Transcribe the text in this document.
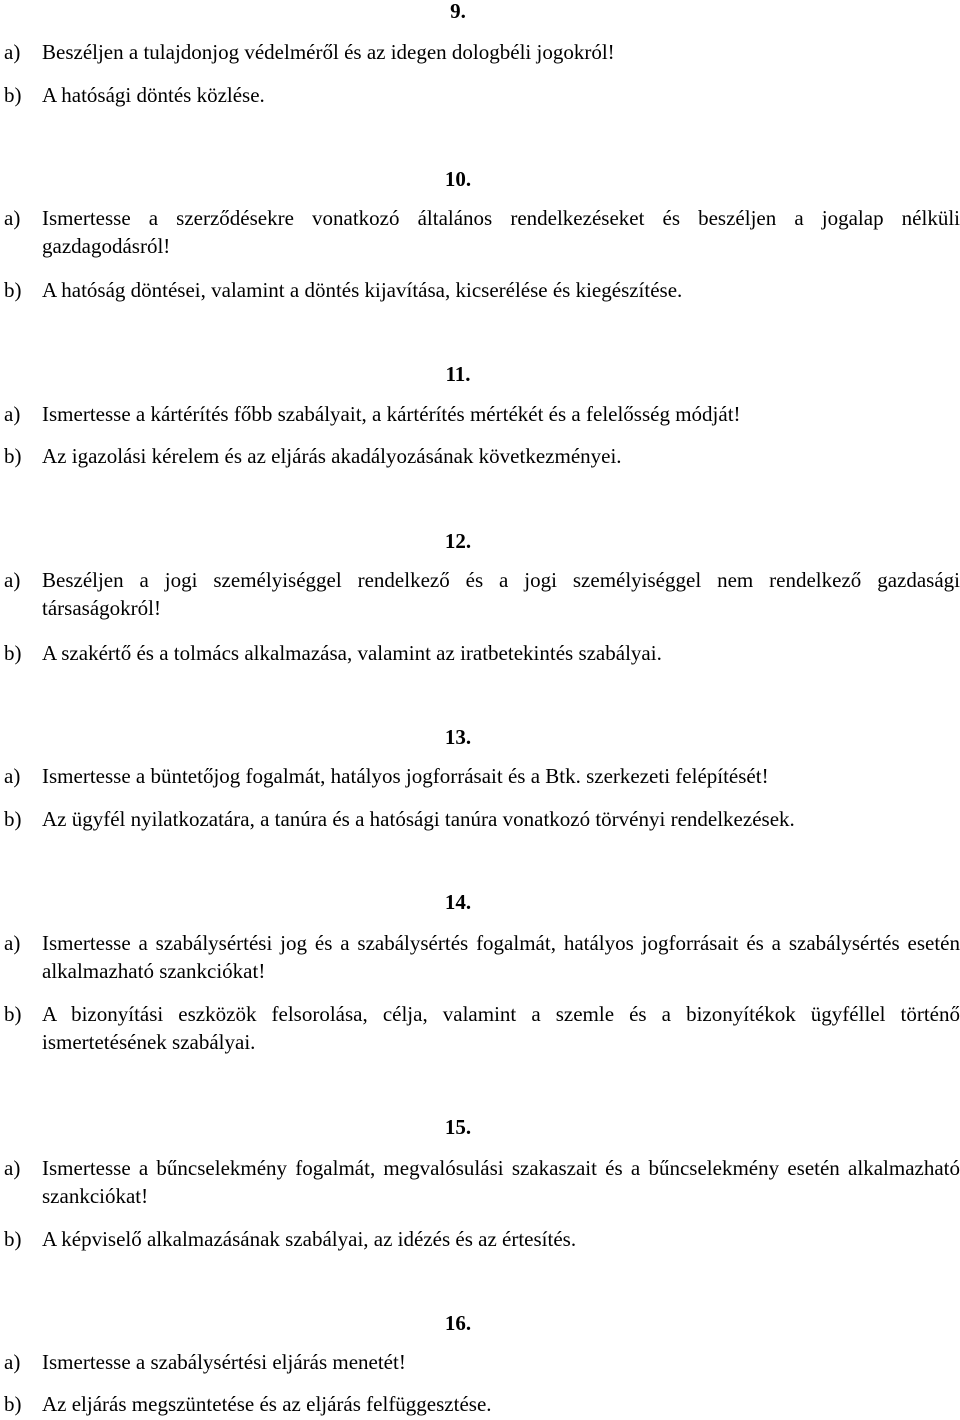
9.
a)	Beszéljen a tulajdonjog védelméről és az idegen dologbéli jogokról!
b) A hatósági döntés közlése.
10.
a)	Ismertesse a szerződésekre vonatkozó általános rendelkezéseket és beszéljen a jogalap nélküli gazdagodásról!
b) A hatóság döntései, valamint a döntés kijavítása, kicserélése és kiegészítése.
11.
a)	Ismertesse a kártérítés főbb szabályait, a kártérítés mértékét és a felelősség módját!
b) Az igazolási kérelem és az eljárás akadályozásának következményei.
12.
a)	Beszéljen a jogi személyiséggel rendelkező és a jogi személyiséggel nem rendelkező gazdasági társaságokról!
b) A szakértő és a tolmács alkalmazása, valamint az iratbetekintés szabályai.
13.
a)	Ismertesse a büntetőjog fogalmát, hatályos jogforrásait és a Btk. szerkezeti felépítését!
b) Az ügyfél nyilatkozatára, a tanúra és a hatósági tanúra vonatkozó törvényi rendelkezések.
14.
a)	Ismertesse a szabálysértési jog és a szabálysértés fogalmát, hatályos jogforrásait és a szabálysértés esetén alkalmazható szankciókat!
b) A bizonyítási eszközök felsorolása, célja, valamint a szemle és a bizonyítékok ügyféllel történő ismertetésének szabályai.
15.
a)	Ismertesse a bűncselekmény fogalmát, megvalósulási szakaszait és a bűncselekmény esetén alkalmazható szankciókat!
b) A képviselő alkalmazásának szabályai, az idézés és az értesítés.
16.
a)	Ismertesse a szabálysértési eljárás menetét!
b) Az eljárás megszüntetése és az eljárás felfüggesztése.
